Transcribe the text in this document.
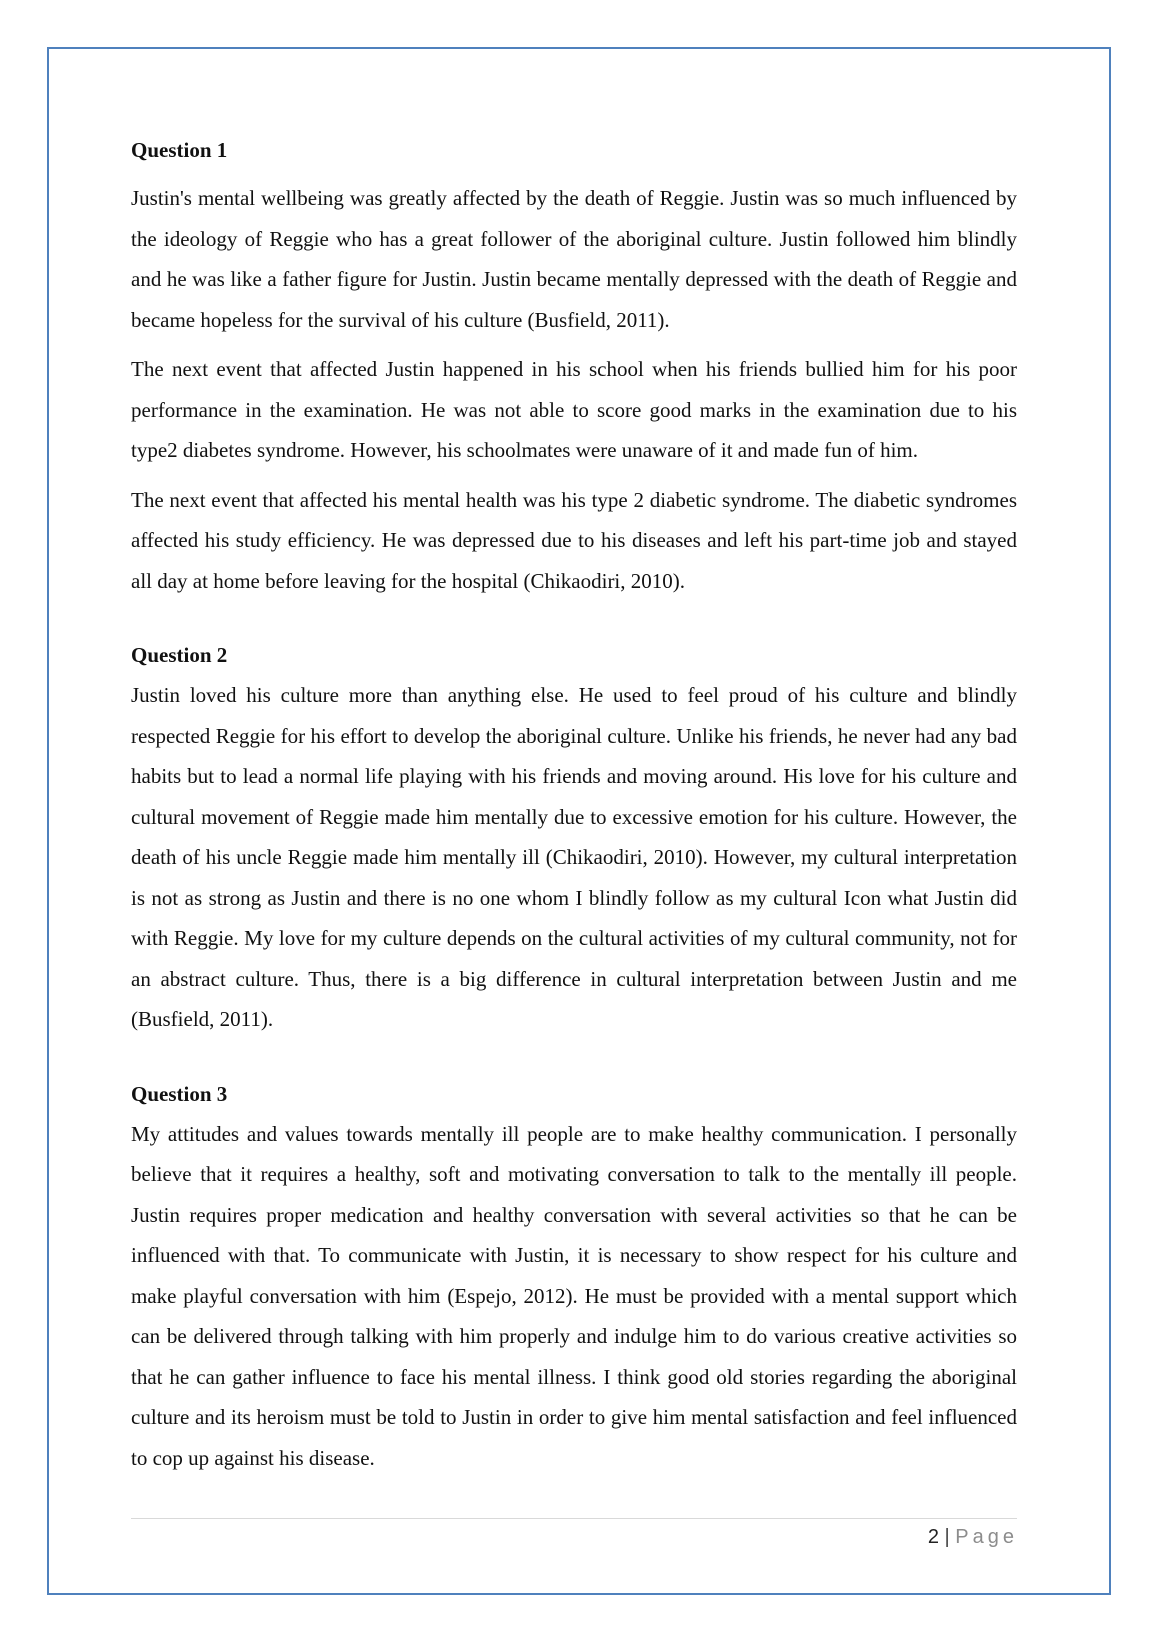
Question 1

Justin's mental wellbeing was greatly affected by the death of Reggie. Justin was so much influenced by the ideology of Reggie who has a great follower of the aboriginal culture. Justin followed him blindly and he was like a father figure for Justin. Justin became mentally depressed with the death of Reggie and became hopeless for the survival of his culture (Busfield, 2011).

The next event that affected Justin happened in his school when his friends bullied him for his poor performance in the examination. He was not able to score good marks in the examination due to his type2 diabetes syndrome. However, his schoolmates were unaware of it and made fun of him.

The next event that affected his mental health was his type 2 diabetic syndrome. The diabetic syndromes affected his study efficiency. He was depressed due to his diseases and left his part-time job and stayed all day at home before leaving for the hospital (Chikaodiri, 2010).

Question 2

Justin loved his culture more than anything else. He used to feel proud of his culture and blindly respected Reggie for his effort to develop the aboriginal culture. Unlike his friends, he never had any bad habits but to lead a normal life playing with his friends and moving around. His love for his culture and cultural movement of Reggie made him mentally due to excessive emotion for his culture. However, the death of his uncle Reggie made him mentally ill (Chikaodiri, 2010). However, my cultural interpretation is not as strong as Justin and there is no one whom I blindly follow as my cultural Icon what Justin did with Reggie. My love for my culture depends on the cultural activities of my cultural community, not for an abstract culture. Thus, there is a big difference in cultural interpretation between Justin and me (Busfield, 2011).

Question 3

My attitudes and values towards mentally ill people are to make healthy communication. I personally believe that it requires a healthy, soft and motivating conversation to talk to the mentally ill people. Justin requires proper medication and healthy conversation with several activities so that he can be influenced with that. To communicate with Justin, it is necessary to show respect for his culture and make playful conversation with him (Espejo, 2012). He must be provided with a mental support which can be delivered through talking with him properly and indulge him to do various creative activities so that he can gather influence to face his mental illness. I think good old stories regarding the aboriginal culture and its heroism must be told to Justin in order to give him mental satisfaction and feel influenced to cop up against his disease.

2 | Page
